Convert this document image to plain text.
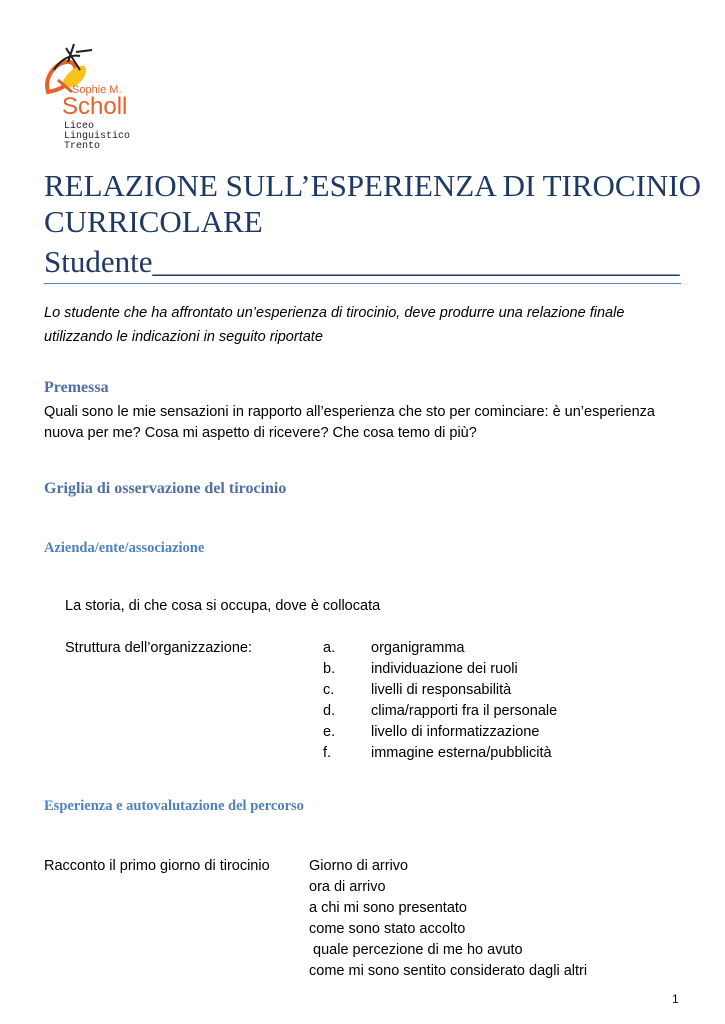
Sophie M.
Scholl
Liceo
Linguistico
Trento
RELAZIONE SULL’ESPERIENZA DI TIROCINIO
CURRICOLARE
Studente__________________________________
Lo studente che ha affrontato un’esperienza di tirocinio, deve produrre una relazione finale utilizzando le indicazioni in seguito riportate
Premessa
Quali sono le mie sensazioni in rapporto all’esperienza che sto per cominciare: è un’esperienza nuova per me? Cosa mi aspetto di ricevere? Che cosa temo di più?
Griglia di osservazione del tirocinio
Azienda/ente/associazione
La storia, di che cosa si occupa, dove è collocata
Struttura dell’organizzazione:	a. organigramma
b. individuazione dei ruoli
c.	livelli di responsabilità
d. clima/rapporti fra il personale
e. livello di informatizzazione
f.	immagine esterna/pubblicità
Esperienza e autovalutazione del percorso
Racconto il primo giorno di tirocinio	Giorno di arrivo
ora di arrivo
a chi mi sono presentato
come sono stato accolto
quale percezione di me ho avuto
come mi sono sentito considerato dagli altri
1
